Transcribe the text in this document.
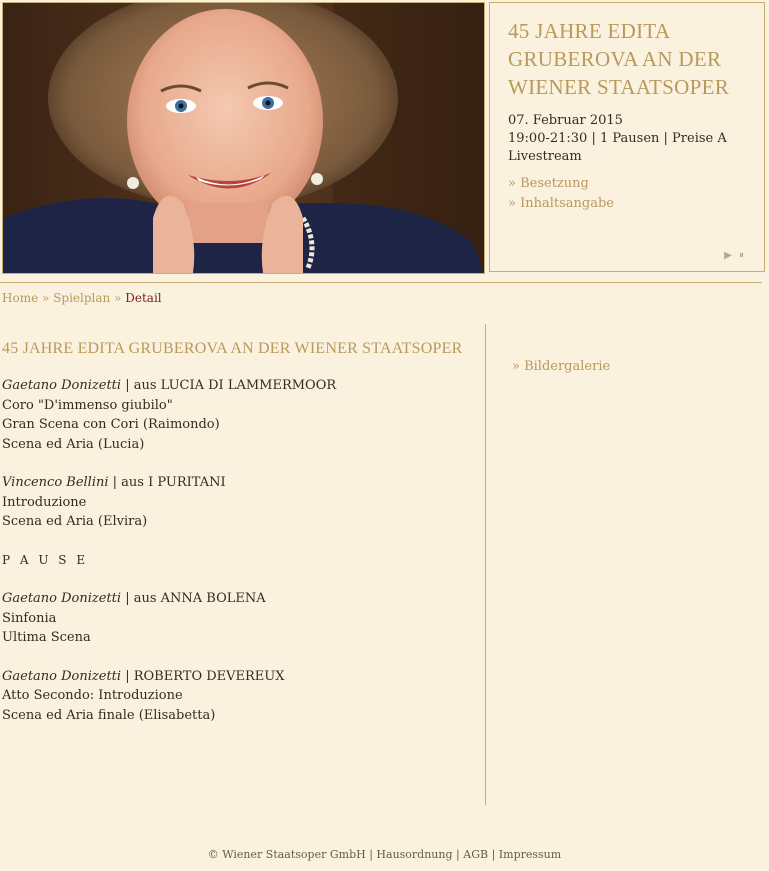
45 JAHRE EDITA GRUBEROVA AN DER WIENER STAATSOPER
07. Februar 2015
19:00-21:30 | 1 Pausen | Preise A
Livestream
» Besetzung
» Inhaltsangabe
▶ ⏸
Home » Spielplan » Detail
45 JAHRE EDITA GRUBEROVA AN DER WIENER STAATSOPER
Gaetano Donizetti | aus LUCIA DI LAMMERMOOR
Coro "D'immenso giubilo"
Gran Scena con Cori (Raimondo)
Scena ed Aria (Lucia)
Vincenco Bellini | aus I PURITANI
Introduzione
Scena ed Aria (Elvira)
P A U S E
Gaetano Donizetti | aus ANNA BOLENA
Sinfonia
Ultima Scena
Gaetano Donizetti | ROBERTO DEVEREUX
Atto Secondo: Introduzione
Scena ed Aria finale (Elisabetta)
» Bildergalerie
© Wiener Staatsoper GmbH | Hausordnung | AGB | Impressum
